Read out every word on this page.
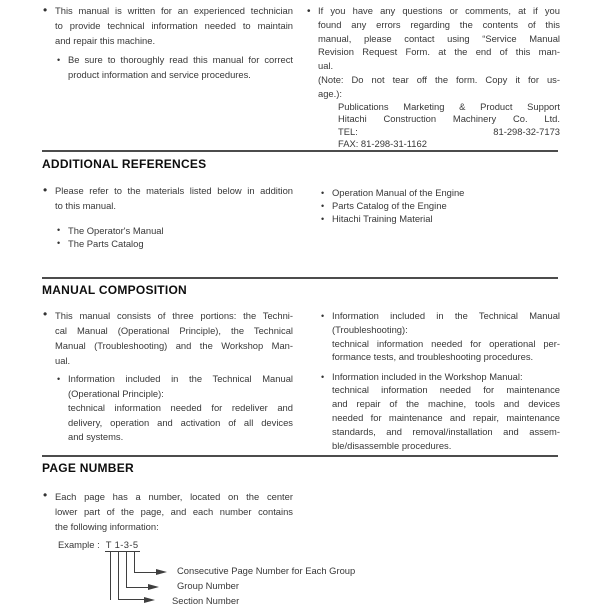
• This manual is written for an experienced technician
to provide technical information needed to maintain
and repair this machine.
• Be sure to thoroughly read this manual for correct
product information and service procedures.
• If you have any questions or comments, at if you
found any errors regarding the contents of this
manual, please contact using “Service Manual
Revision Request Form. at the end of this man-
ual.
(Note: Do not tear off the form. Copy it for us-
age.):
Publications Marketing & Product Support
Hitachi Construction Machinery Co. Ltd.
TEL: 81-298-32-7173
FAX: 81-298-31-1162
ADDITIONAL REFERENCES
• Please refer to the materials listed below in addition
to this manual.
• The Operator's Manual
• The Parts Catalog
• Operation Manual of the Engine
• Parts Catalog of the Engine
• Hitachi Training Material
MANUAL COMPOSITION
• This manual consists of three portions: the Techni-
cal Manual (Operational Principle), the Technical
Manual (Troubleshooting) and the Workshop Man-
ual.
• Information included in the Technical Manual
(Operational Principle):
technical information needed for redeliver and
delivery, operation and activation of all devices
and systems.
• Information included in the Technical Manual
(Troubleshooting):
technical information needed for operational per-
formance tests, and troubleshooting procedures.
• Information included in the Workshop Manual:
technical information needed for maintenance
and repair of the machine, tools and devices
needed for maintenance and repair, maintenance
standards, and removal/installation and assem-
ble/disassemble procedures.
PAGE NUMBER
• Each page has a number, located on the center
lower part of the page, and each number contains
the following information:
Example : T 1-3-5
Consecutive Page Number for Each Group
Group Number
Section Number
